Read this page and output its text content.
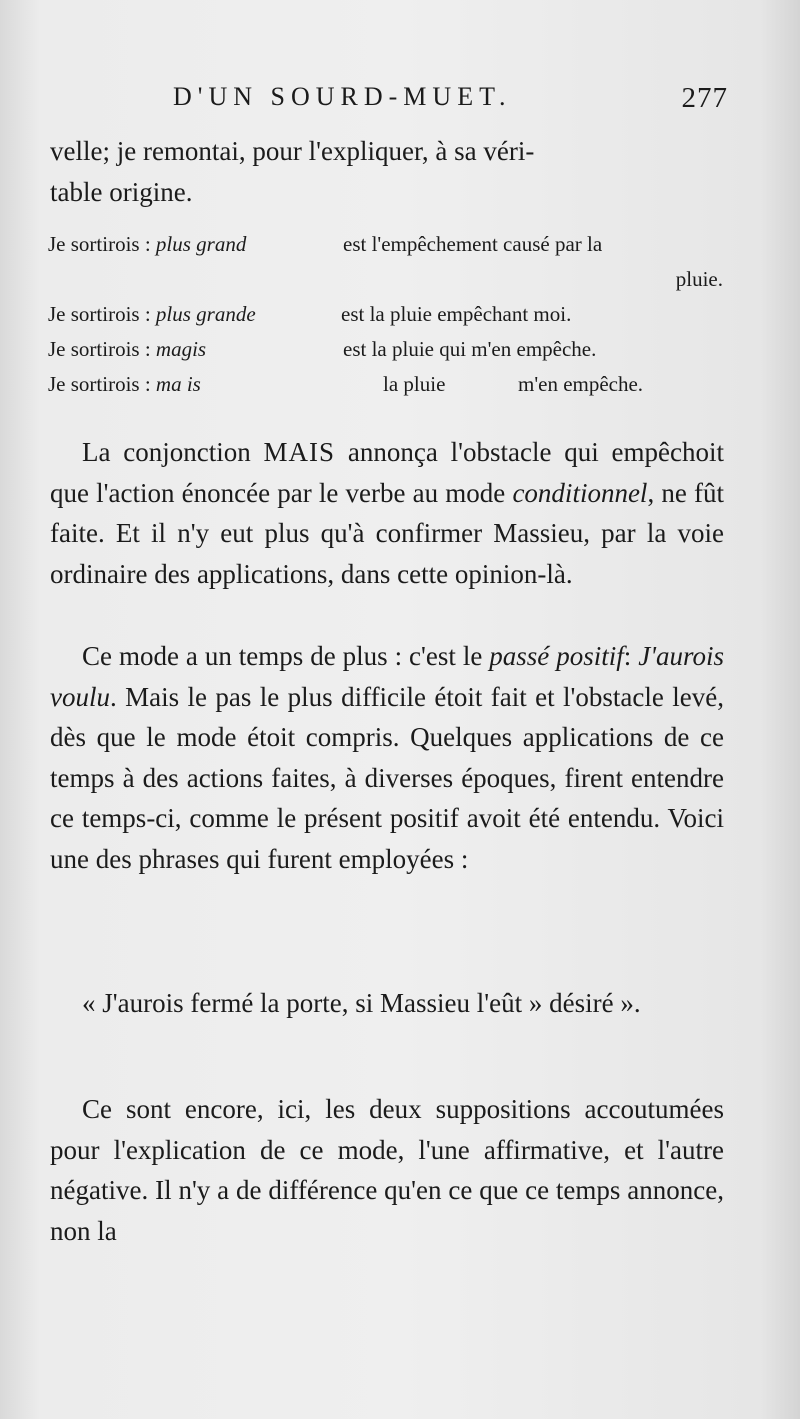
D'UN SOURD-MUET.	277
velle; je remontai, pour l'expliquer, à sa véri-
table origine.
Je sortirois : plus grand	est l'empêchement causé par la
pluie.
Je sortirois : plus grande	est la pluie empêchant moi.
Je sortirois : magis	est la pluie qui m'en empêche.
Je sortirois : ma is	la pluie	m'en empêche.
La conjonction MAIS annonça l'obstacle qui empêchoit que l'action énoncée par le verbe au mode conditionnel, ne fût faite. Et il n'y eut plus qu'à confirmer Massieu, par la voie ordinaire des applications, dans cette opinion-là.
Ce mode a un temps de plus : c'est le passé positif: J'aurois voulu. Mais le pas le plus difficile étoit fait et l'obstacle levé, dès que le mode étoit compris. Quelques applications de ce temps à des actions faites, à diverses époques, firent entendre ce temps-ci, comme le présent positif avoit été entendu. Voici une des phrases qui furent employées :
« J'aurois fermé la porte, si Massieu l'eût » désiré ».
Ce sont encore, ici, les deux suppositions accoutumées pour l'explication de ce mode, l'une affirmative, et l'autre négative. Il n'y a de différence qu'en ce que ce temps annonce, non la
